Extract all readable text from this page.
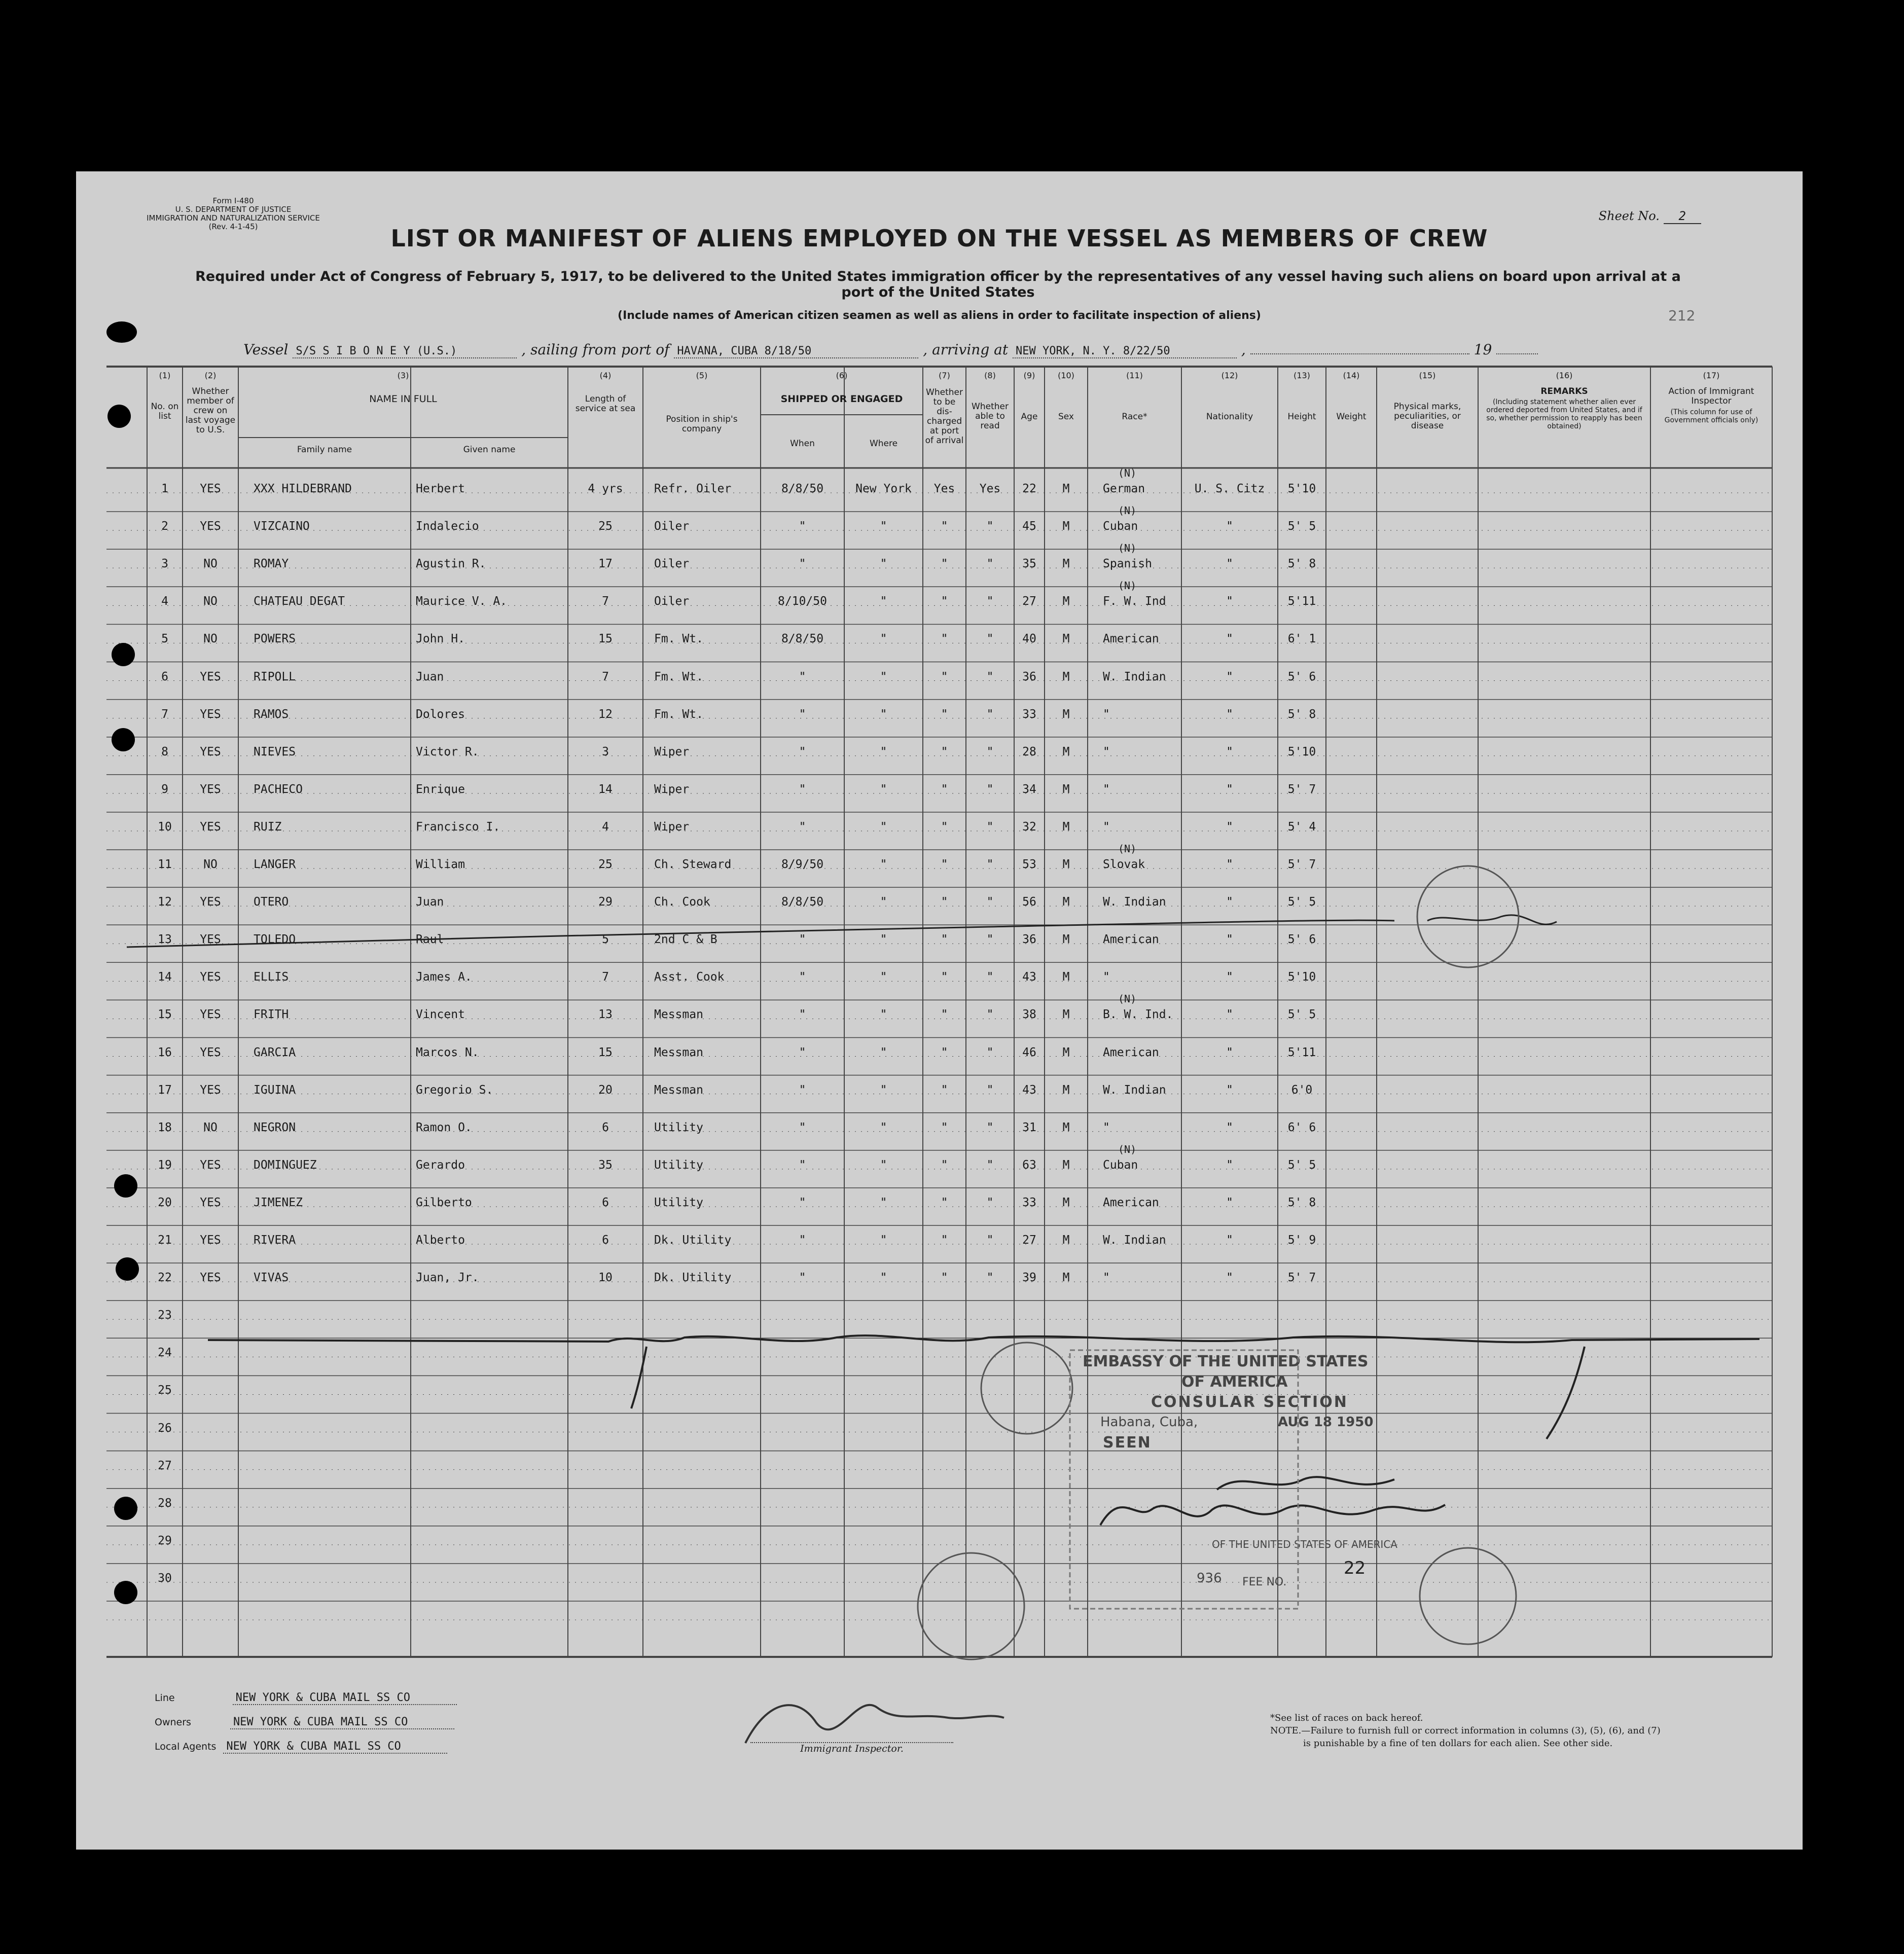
Form I-480
U. S. DEPARTMENT OF JUSTICE
IMMIGRATION AND NATURALIZATION SERVICE
(Rev. 4-1-45)
Sheet No. 2
LIST OR MANIFEST OF ALIENS EMPLOYED ON THE VESSEL AS MEMBERS OF CREW
Required under Act of Congress of February 5, 1917, to be delivered to the United States immigration officer by the representatives of any vessel having such aliens on board upon arrival at a port of the United States
(Include names of American citizen seamen as well as aliens in order to facilitate inspection of aliens)	212
Vessel S/S S I B O N E Y (U.S.)	, sailing from port of HAVANA, CUBA 8/18/50	, arriving at NEW YORK, N. Y. 8/22/50	,	19
(1)
No. on list
(2)
Whether member of crew on last voyage to U.S.
(3)
NAME IN FULL
Family name	Given name
(4)
Length of service at sea
(5)
Position in ship's company
(6)
SHIPPED OR ENGAGED
When	Where
(7)
Whether to be dis-charged at port of arrival
(8)
Whether able to read
(9)
Age
(10)
Sex
(11)
Race*
(12)
Nationality
(13)
Height
(14)
Weight
(15)
Physical marks, peculiarities, or disease
(16)
REMARKS
(Including statement whether alien ever ordered deported from United States, and if so, whether permission to reapply has been obtained)
(17)
Action of Immigrant Inspector
(This column for use of Government officials only)
1	YES	XXX HILDEBRAND	Herbert	4 yrs	Refr. Oiler	8/8/50	New York	Yes	Yes	22	M	German	U. S. Citz	5'10
(N)
2	YES	VIZCAINO	Indalecio	25	Oiler	"	"	"	"	45	M	Cuban	"	5' 5
(N)
3	NO	ROMAY	Agustin R.	17	Oiler	"	"	"	"	35	M	Spanish	"	5' 8
(N)
4	NO	CHATEAU DEGAT	Maurice V. A.	7	Oiler	8/10/50	"	"	"	27	M	F. W. Ind	"	5'11
(N)
5	NO	POWERS	John H.	15	Fm. Wt.	8/8/50	"	"	"	40	M	American	"	6' 1
6	YES	RIPOLL	Juan	7	Fm. Wt.	"	"	"	"	36	M	W. Indian	"	5' 6
7	YES	RAMOS	Dolores	12	Fm. Wt.	"	"	"	"	33	M	"	"	5' 8
8	YES	NIEVES	Victor R.	3	Wiper	"	"	"	"	28	M	"	"	5'10
9	YES	PACHECO	Enrique	14	Wiper	"	"	"	"	34	M	"	"	5' 7
10	YES	RUIZ	Francisco I.	4	Wiper	"	"	"	"	32	M	"	"	5' 4
11	NO	LANGER	William	25	Ch. Steward	8/9/50	"	"	"	53	M	Slovak	"	5' 7
(N)
12	YES	OTERO	Juan	29	Ch. Cook	8/8/50	"	"	"	56	M	W. Indian	"	5' 5
13	YES	TOLEDO	Raul	5	2nd C & B	"	"	"	"	36	M	American	"	5' 6
14	YES	ELLIS	James A.	7	Asst. Cook	"	"	"	"	43	M	"	"	5'10
15	YES	FRITH	Vincent	13	Messman	"	"	"	"	38	M	B. W. Ind.	"	5' 5
(N)
16	YES	GARCIA	Marcos N.	15	Messman	"	"	"	"	46	M	American	"	5'11
17	YES	IGUINA	Gregorio S.	20	Messman	"	"	"	"	43	M	W. Indian	"	6'0
18	NO	NEGRON	Ramon O.	6	Utility	"	"	"	"	31	M	"	"	6' 6
19	YES	DOMINGUEZ	Gerardo	35	Utility	"	"	"	"	63	M	Cuban	"	5' 5
(N)
20	YES	JIMENEZ	Gilberto	6	Utility	"	"	"	"	33	M	American	"	5' 8
21	YES	RIVERA	Alberto	6	Dk. Utility	"	"	"	"	27	M	W. Indian	"	5' 9
22	YES	VIVAS	Juan, Jr.	10	Dk. Utility	"	"	"	"	39	M	"	"	5' 7
23
24
25
26
27
28
29
30
EMBASSY OF THE UNITED STATES
OF AMERICA
CONSULAR SECTION
Habana, Cuba,	AUG 18 1950
SEEN
OF THE UNITED STATES OF AMERICA
FEE NO.
22
936
Line	NEW YORK & CUBA MAIL SS CO
Owners	NEW YORK & CUBA MAIL SS CO
Local Agents NEW YORK & CUBA MAIL SS CO	Immigrant Inspector.
*See list of races on back hereof.
NOTE.—Failure to furnish full or correct information in columns (3), (5), (6), and (7)
is punishable by a fine of ten dollars for each alien. See other side.
